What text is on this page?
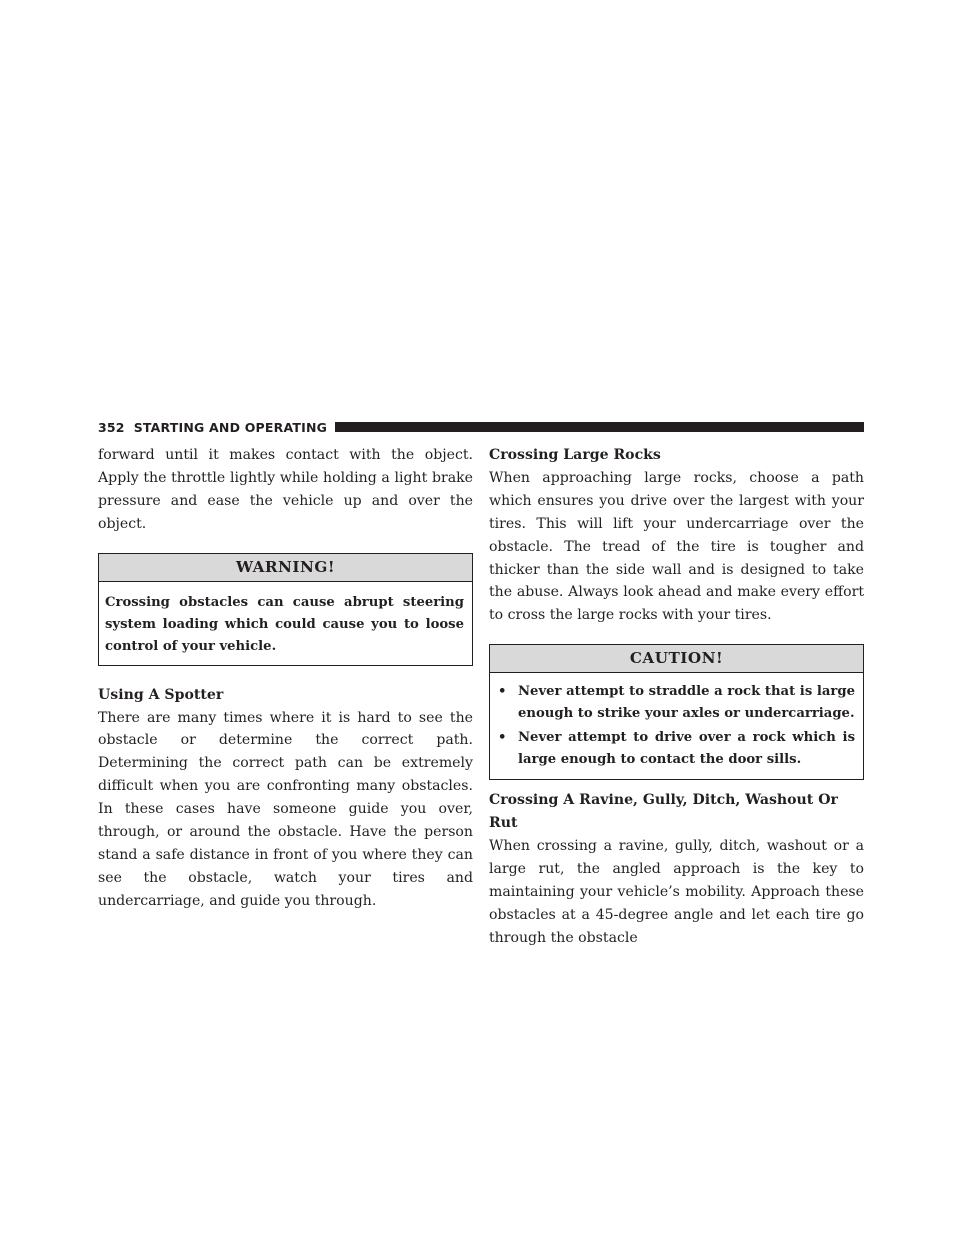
352 STARTING AND OPERATING

forward until it makes contact with the object. Apply the throttle lightly while holding a light brake pressure and ease the vehicle up and over the object.

WARNING!
Crossing obstacles can cause abrupt steering system loading which could cause you to loose control of your vehicle.
Using A Spotter

There are many times where it is hard to see the obstacle or determine the correct path. Determining the correct path can be extremely difficult when you are confronting many obstacles. In these cases have someone guide you over, through, or around the obstacle. Have the person stand a safe distance in front of you where they can see the obstacle, watch your tires and undercarriage, and guide you through.

Crossing Large Rocks

When approaching large rocks, choose a path which ensures you drive over the largest with your tires. This will lift your undercarriage over the obstacle. The tread of the tire is tougher and thicker than the side wall and is designed to take the abuse. Always look ahead and make every effort to cross the large rocks with your tires.

CAUTION!
• Never attempt to straddle a rock that is large enough to strike your axles or undercarriage.
• Never attempt to drive over a rock which is large enough to contact the door sills.
Crossing A Ravine, Gully, Ditch, Washout Or Rut

When crossing a ravine, gully, ditch, washout or a large rut, the angled approach is the key to maintaining your vehicle’s mobility. Approach these obstacles at a 45-degree angle and let each tire go through the obstacle
